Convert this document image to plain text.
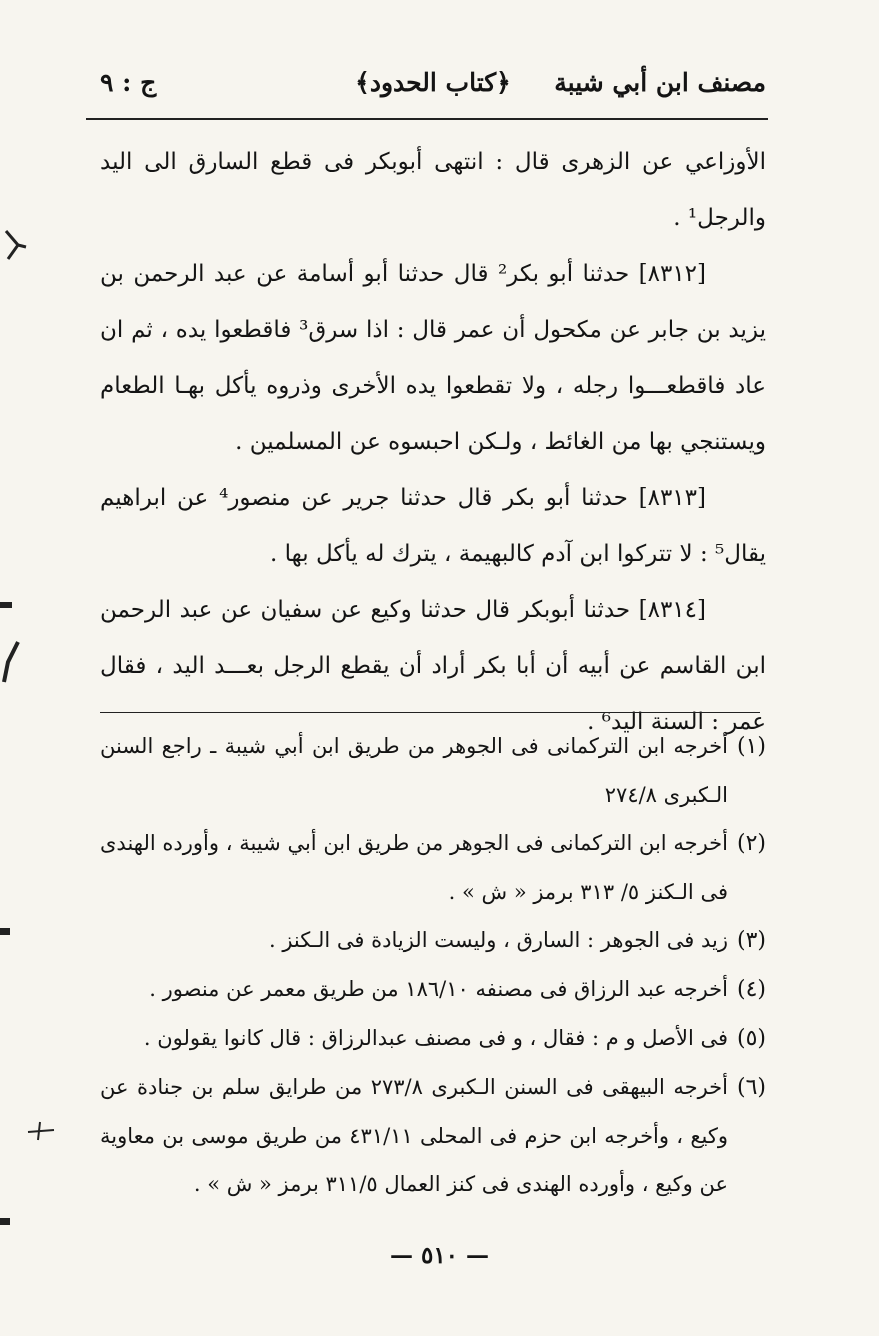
مصنف ابن أبي شيبة
﴿كتاب الحدود﴾
ج : ٩

الأوزاعي عن الزهرى قال : انتهى أبوبكر فى قطع السارق الى اليد والرجل¹ .

[٨٣١٢] حدثنا أبو بكر² قال حدثنا أبو أسامة عن عبد الرحمن بن يزيد بن جابر عن مكحول أن عمر قال : اذا سرق³ فاقطعوا يده ، ثم ان عاد فاقطعـــوا رجله ، ولا تقطعوا يده الأخرى وذروه يأكل بهـا الطعام ويستنجي بها من الغائط ، ولـكن احبسوه عن المسلمين .

[٨٣١٣] حدثنا أبو بكر قال حدثنا جرير عن منصور⁴ عن ابراهيم يقال⁵ : لا تتركوا ابن آدم كالبهيمة ، يترك له يأكل بها .

[٨٣١٤] حدثنا أبوبكر قال حدثنا وكيع عن سفيان عن عبد الرحمن ابن القاسم عن أبيه أن أبا بكر أراد أن يقطع الرجل بعـــد اليد ، فقال عمر : السنة اليد⁶ .

(١)أخرجه ابن التركمانى فى الجوهر من طريق ابن أبي شيبة ـ راجع السنن الـكبرى ٢٧٤/٨
(٢)أخرجه ابن التركمانى فى الجوهر من طريق ابن أبي شيبة ، وأورده الهندى فى الـكنز ٥/ ٣١٣ برمز « ش » .
(٣)زيد فى الجوهر : السارق ، وليست الزيادة فى الـكنز .
(٤)أخرجه عبد الرزاق فى مصنفه ١٨٦/١٠ من طريق معمر عن منصور .
(٥)فى الأصل و م : فقال ، و فى مصنف عبدالرزاق : قال كانوا يقولون .
(٦)أخرجه البيهقى فى السنن الـكبرى ٢٧٣/٨ من طرايق سلم بن جنادة عن وكيع ، وأخرجه ابن حزم فى المحلى ٤٣١/١١ من طريق موسى بن معاوية عن وكيع ، وأورده الهندى فى كنز العمال ٣١١/٥ برمز « ش » .
— ٥١٠ —
